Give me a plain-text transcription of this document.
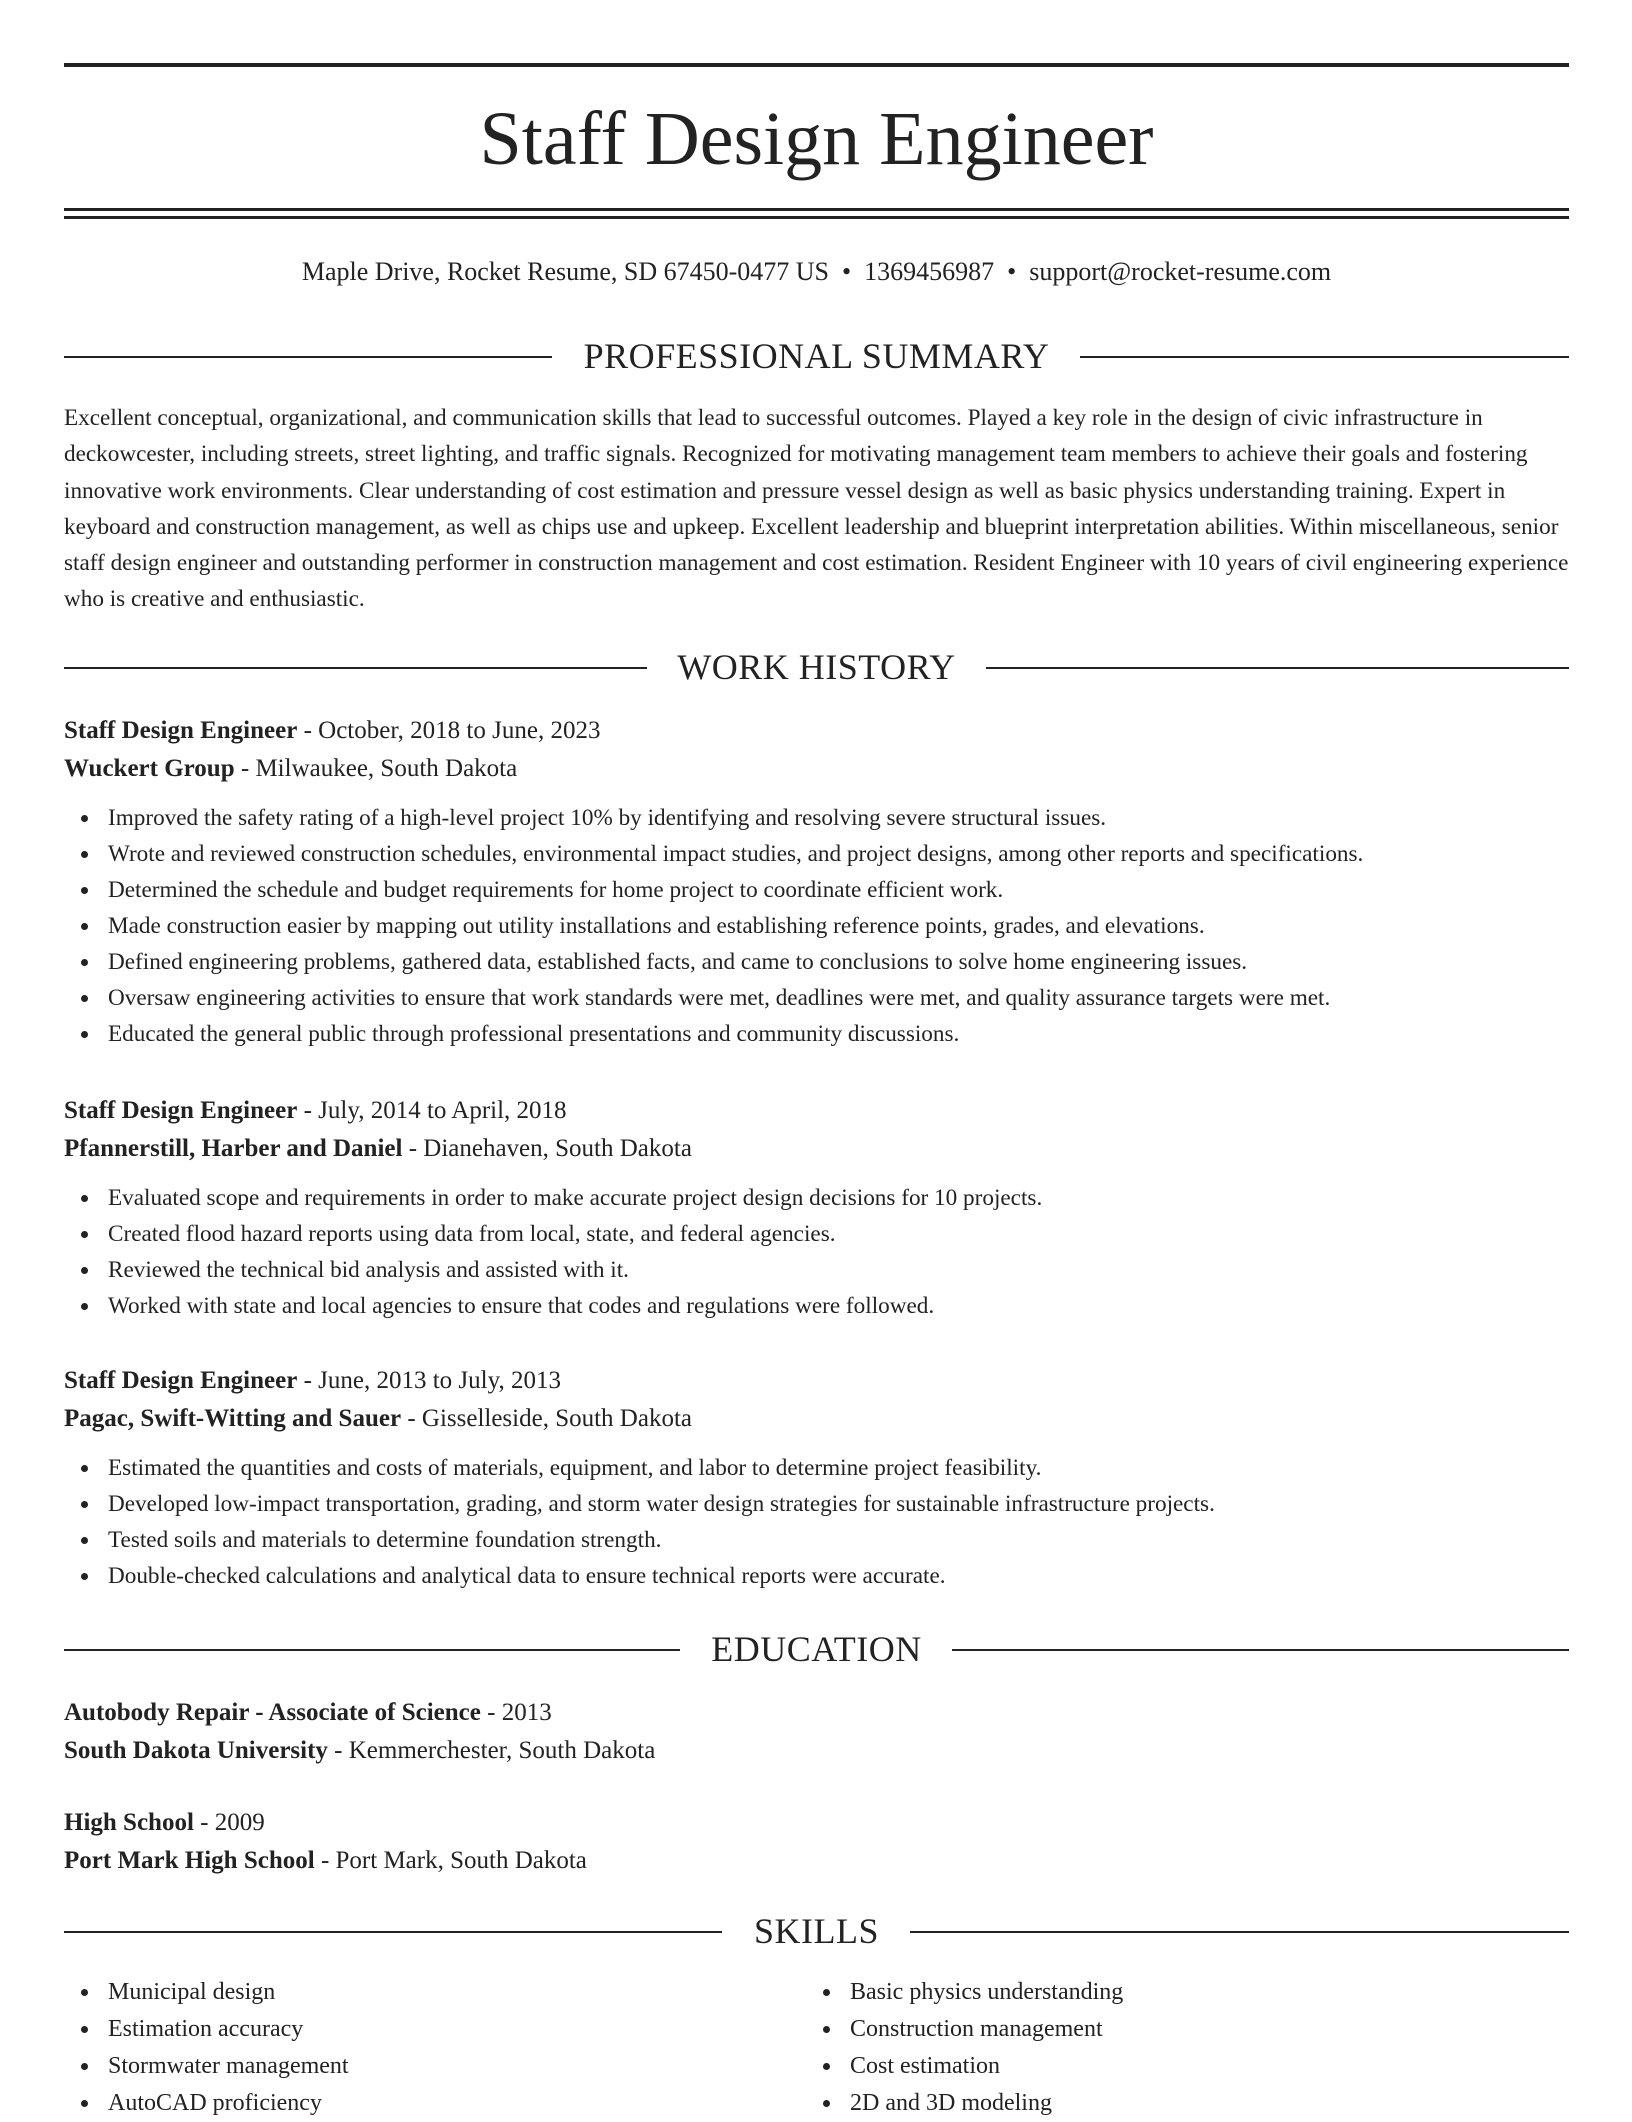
Staff Design Engineer
Maple Drive, Rocket Resume, SD 67450-0477 US • 1369456987 • support@rocket-resume.com
PROFESSIONAL SUMMARY

Excellent conceptual, organizational, and communication skills that lead to successful outcomes. Played a key role in the design of civic infrastructure in deckowcester, including streets, street lighting, and traffic signals. Recognized for motivating management team members to achieve their goals and fostering innovative work environments. Clear understanding of cost estimation and pressure vessel design as well as basic physics understanding training. Expert in keyboard and construction management, as well as chips use and upkeep. Excellent leadership and blueprint interpretation abilities. Within miscellaneous, senior staff design engineer and outstanding performer in construction management and cost estimation. Resident Engineer with 10 years of civil engineering experience who is creative and enthusiastic.

WORK HISTORY
Staff Design Engineer - October, 2018 to June, 2023
Wuckert Group - Milwaukee, South Dakota
Improved the safety rating of a high-level project 10% by identifying and resolving severe structural issues.
Wrote and reviewed construction schedules, environmental impact studies, and project designs, among other reports and specifications.
Determined the schedule and budget requirements for home project to coordinate efficient work.
Made construction easier by mapping out utility installations and establishing reference points, grades, and elevations.
Defined engineering problems, gathered data, established facts, and came to conclusions to solve home engineering issues.
Oversaw engineering activities to ensure that work standards were met, deadlines were met, and quality assurance targets were met.
Educated the general public through professional presentations and community discussions.
Staff Design Engineer - July, 2014 to April, 2018
Pfannerstill, Harber and Daniel - Dianehaven, South Dakota
Evaluated scope and requirements in order to make accurate project design decisions for 10 projects.
Created flood hazard reports using data from local, state, and federal agencies.
Reviewed the technical bid analysis and assisted with it.
Worked with state and local agencies to ensure that codes and regulations were followed.
Staff Design Engineer - June, 2013 to July, 2013
Pagac, Swift-Witting and Sauer - Gisselleside, South Dakota
Estimated the quantities and costs of materials, equipment, and labor to determine project feasibility.
Developed low-impact transportation, grading, and storm water design strategies for sustainable infrastructure projects.
Tested soils and materials to determine foundation strength.
Double-checked calculations and analytical data to ensure technical reports were accurate.
EDUCATION
Autobody Repair - Associate of Science - 2013
South Dakota University - Kemmerchester, South Dakota
High School - 2009
Port Mark High School - Port Mark, South Dakota
SKILLS
Municipal design
Estimation accuracy
Stormwater management
AutoCAD proficiency
Basic physics understanding
Construction management
Cost estimation
2D and 3D modeling
